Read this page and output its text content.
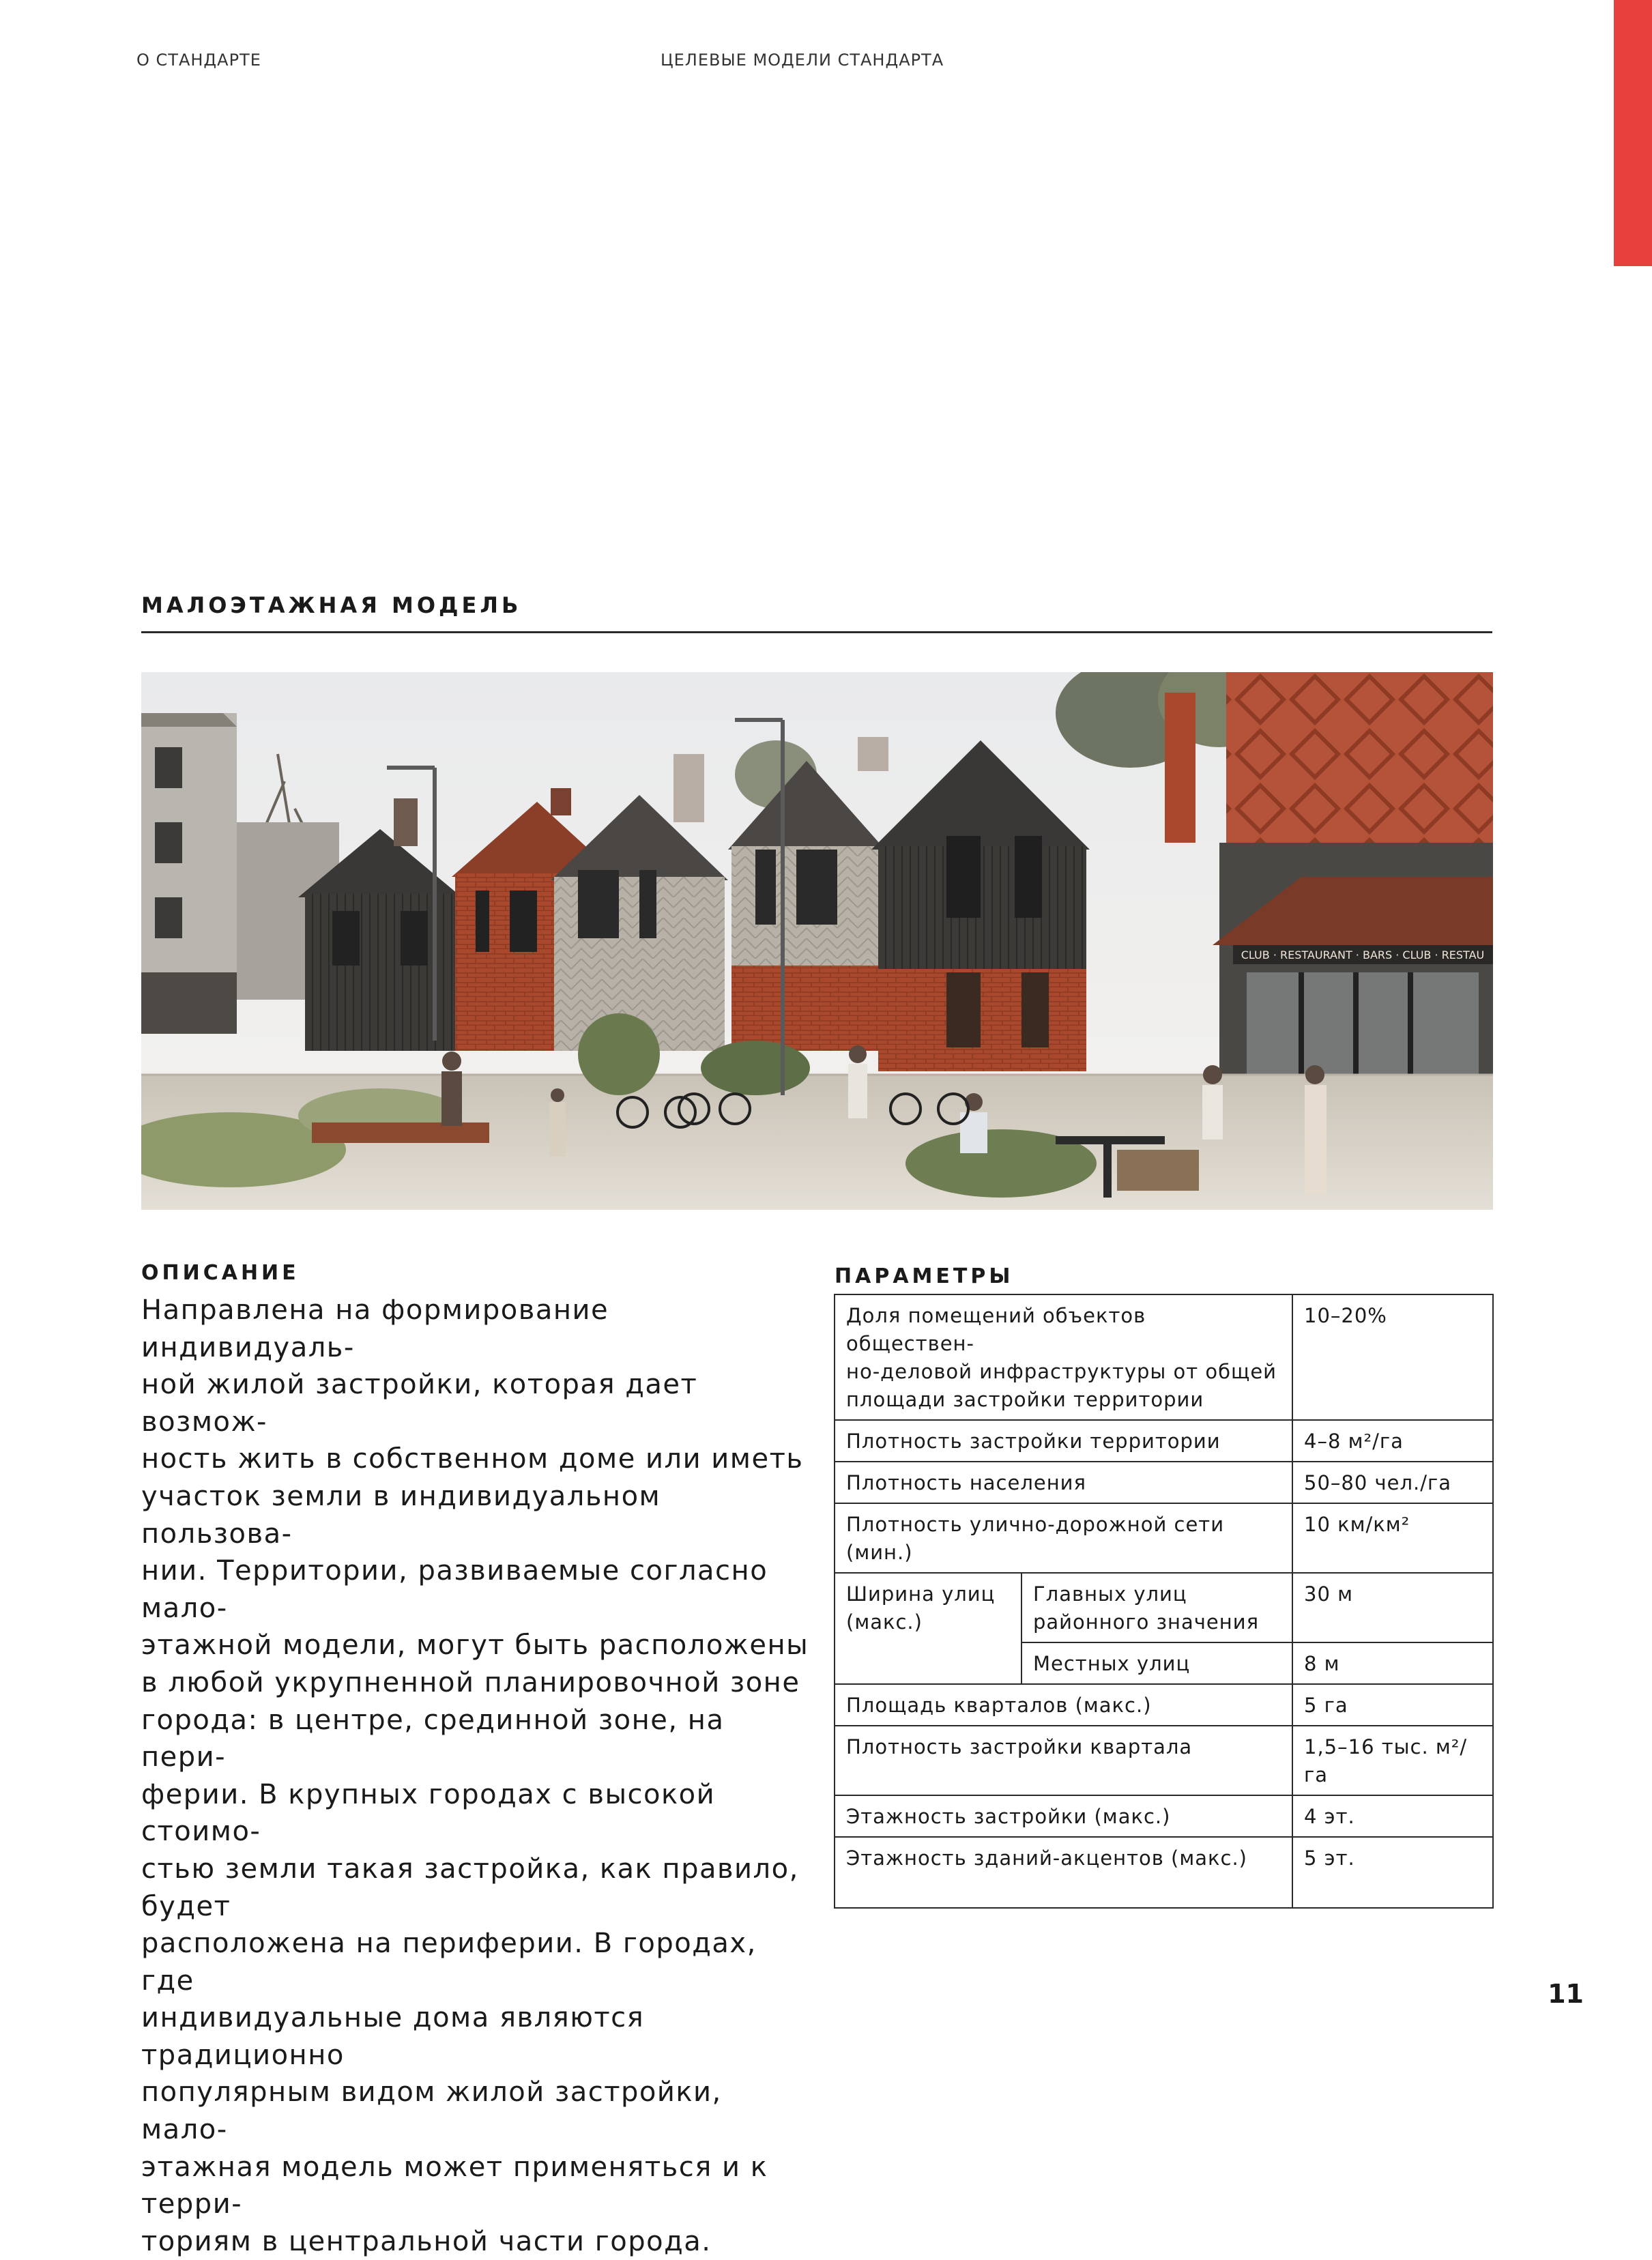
О СТАНДАРТЕ	ЦЕЛЕВЫЕ МОДЕЛИ СТАНДАРТА
МАЛОЭТАЖНАЯ МОДЕЛЬ
CLUB · RESTAURANT · BARS · CLUB · RESTAU
ОПИСАНИЕ
Направлена на формирование индивидуаль-
ной жилой застройки, которая дает возмож-
ность жить в собственном доме или иметь
участок земли в индивидуальном пользова-
нии. Территории, развиваемые согласно мало-
этажной модели, могут быть расположены
в любой укрупненной планировочной зоне
города: в центре, срединной зоне, на пери-
ферии. В крупных городах с высокой стоимо-
стью земли такая застройка, как правило, будет
расположена на периферии. В городах, где
индивидуальные дома являются традиционно
популярным видом жилой застройки, мало-
этажная модель может применяться и к терри-
ториям в центральной части города.
ПАРАМЕТРЫ
Доля помещений объектов обществен-
но-деловой инфраструктуры от общей
площади застройки территории		10–20%
Плотность застройки территории		4–8 м²/га
Плотность населения		50–80 чел./га
Плотность улично-дорожной сети (мин.)		10 км/км²
Ширина улиц
(макс.)	Главных улиц
районного значения	30 м
	Местных улиц	8 м
Площадь кварталов (макс.)		5 га
Плотность застройки квартала		1,5–16 тыс. м²/га
Этажность застройки (макс.)		4 эт.
Этажность зданий-акцентов (макс.)		5 эт.
11
